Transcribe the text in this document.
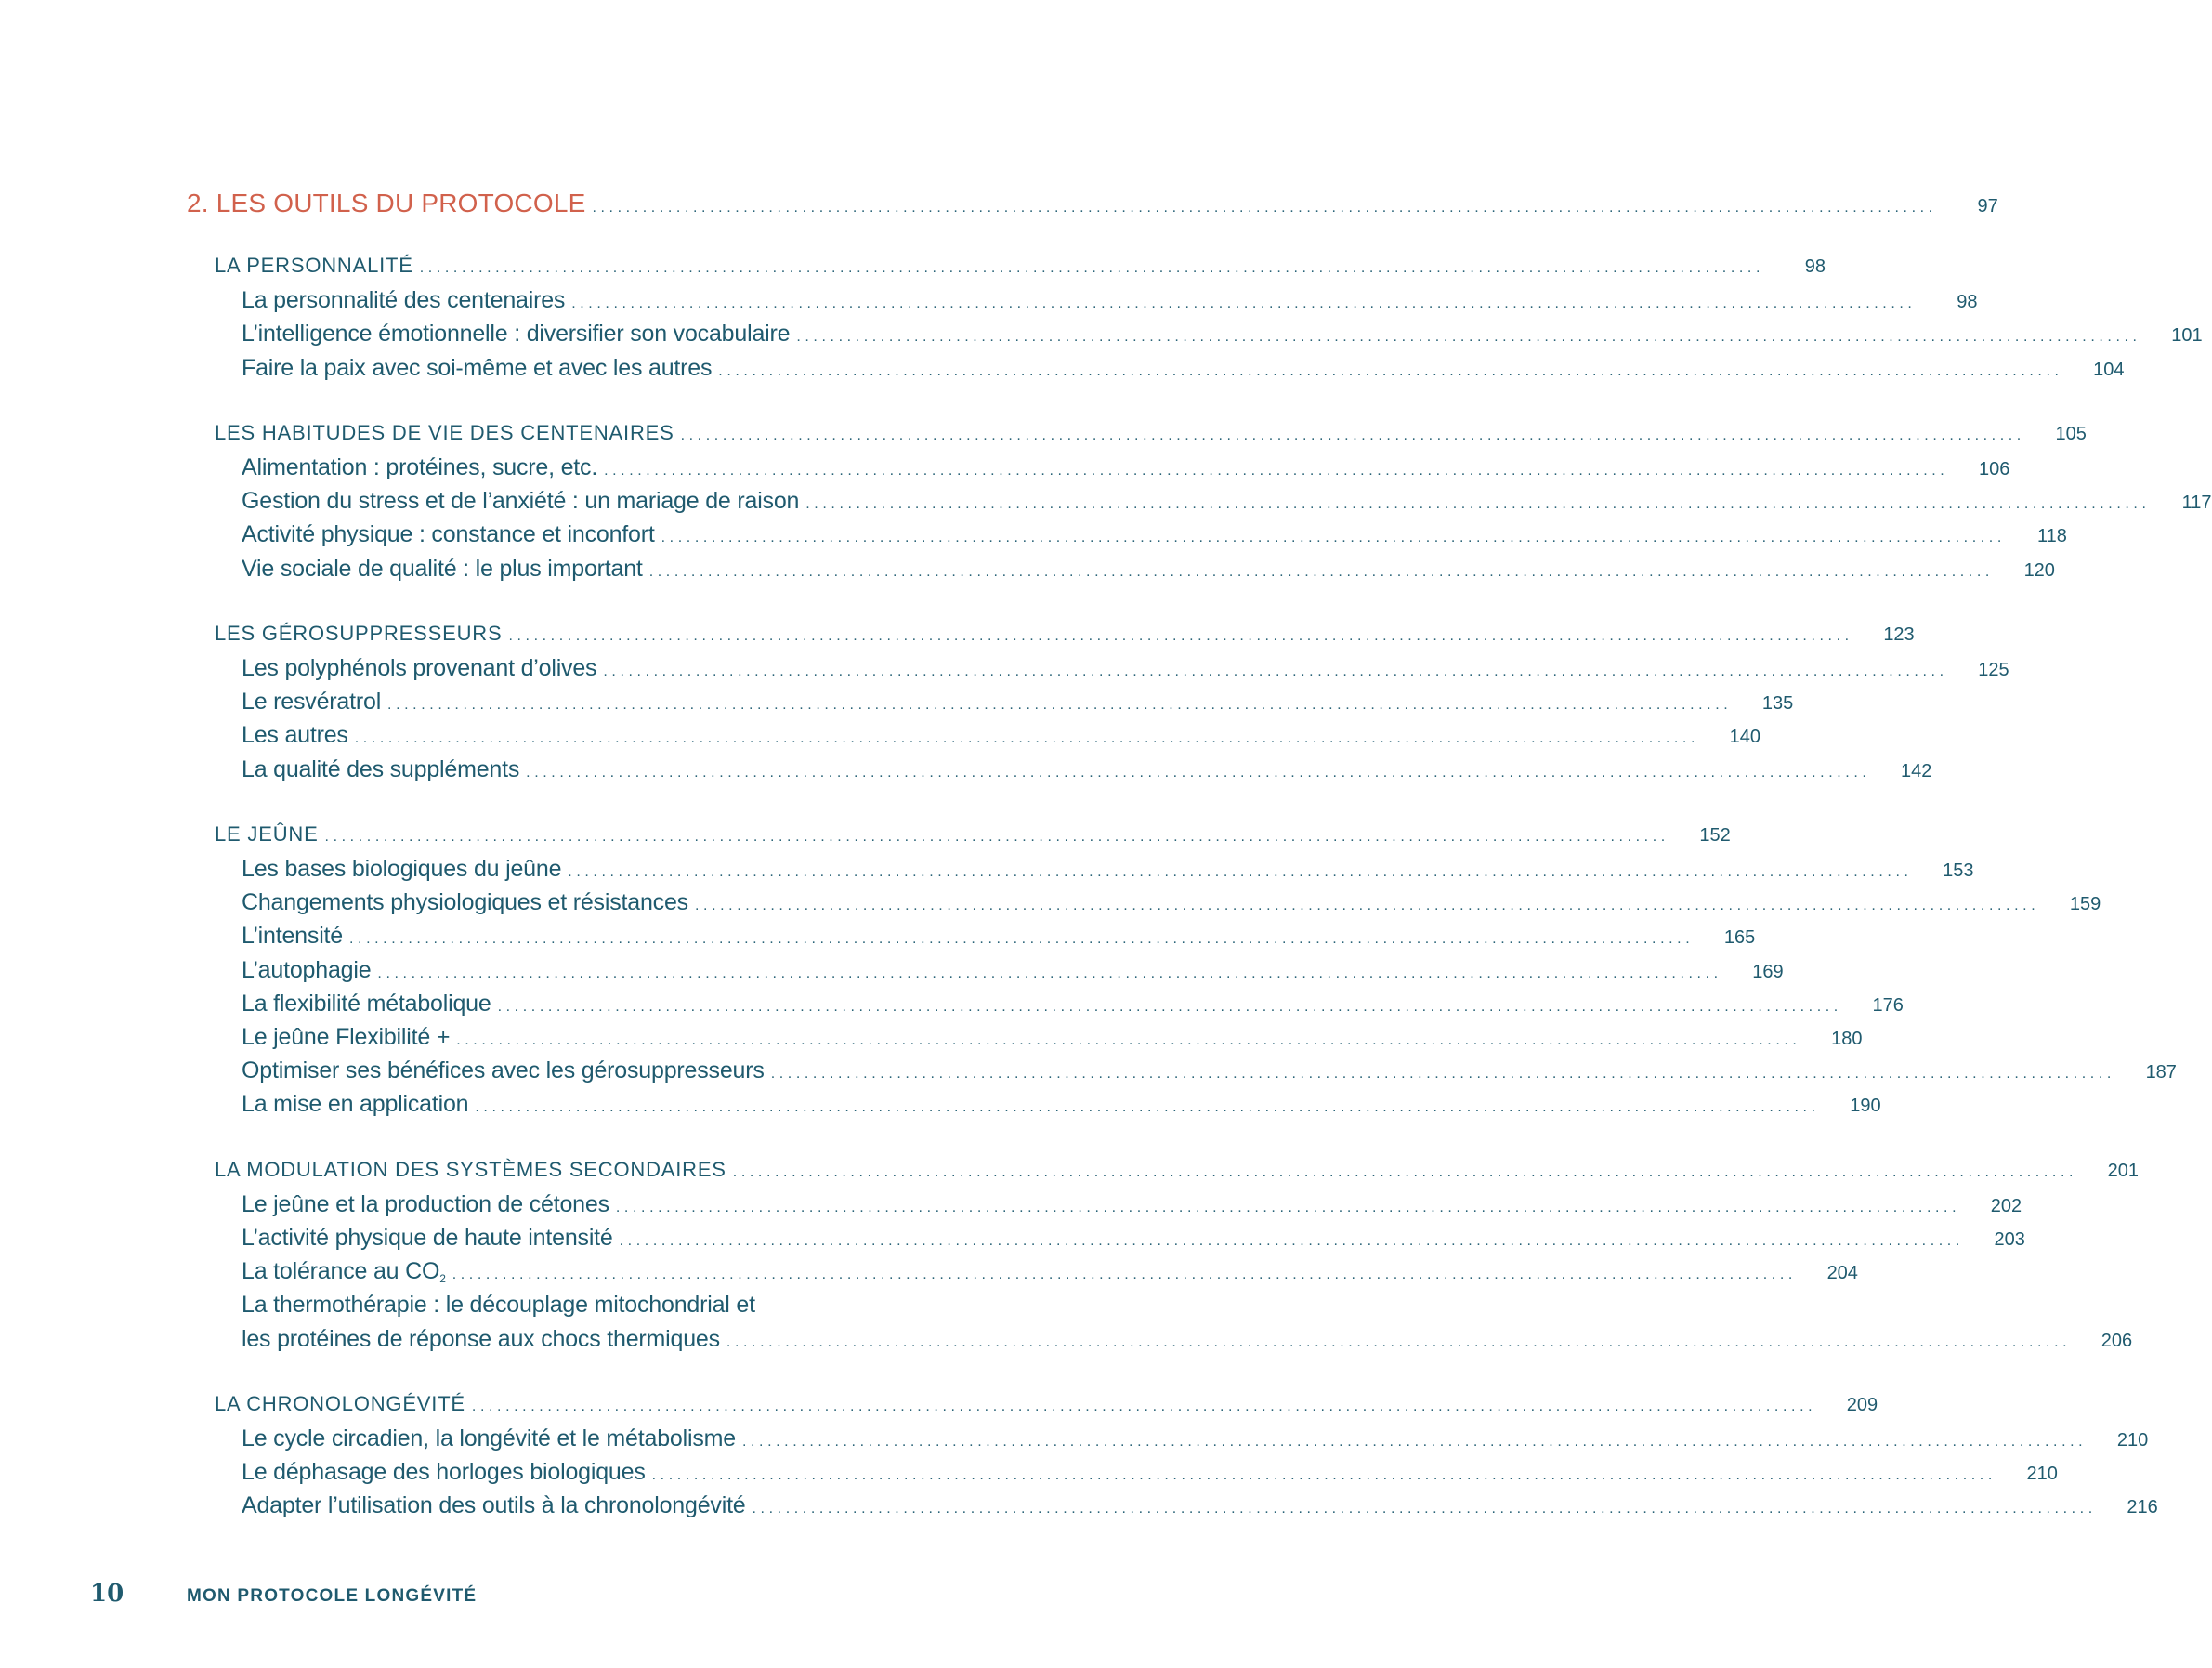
2. LES OUTILS DU PROTOCOLE ................................................................................................................................................................	97
LA PERSONNALITÉ ................................................................................................................................................................	98
La personnalité des centenaires ................................................................................................................................................................	98
L’intelligence émotionnelle : diversifier son vocabulaire ................................................................................................................................................................	101
Faire la paix avec soi-même et avec les autres ................................................................................................................................................................	104
LES HABITUDES DE VIE DES CENTENAIRES ................................................................................................................................................................	105
Alimentation : protéines, sucre, etc. ................................................................................................................................................................	106
Gestion du stress et de l’anxiété : un mariage de raison ................................................................................................................................................................	117
Activité physique : constance et inconfort ................................................................................................................................................................	118
Vie sociale de qualité : le plus important ................................................................................................................................................................	120
LES GÉROSUPPRESSEURS ................................................................................................................................................................	123
Les polyphénols provenant d’olives ................................................................................................................................................................	125
Le resvératrol ................................................................................................................................................................	135
Les autres ................................................................................................................................................................	140
La qualité des suppléments ................................................................................................................................................................	142
LE JEÛNE ................................................................................................................................................................	152
Les bases biologiques du jeûne ................................................................................................................................................................	153
Changements physiologiques et résistances ................................................................................................................................................................	159
L’intensité ................................................................................................................................................................	165
L’autophagie ................................................................................................................................................................	169
La flexibilité métabolique ................................................................................................................................................................	176
Le jeûne Flexibilité + ................................................................................................................................................................	180
Optimiser ses bénéfices avec les gérosuppresseurs ................................................................................................................................................................	187
La mise en application ................................................................................................................................................................	190
LA MODULATION DES SYSTÈMES SECONDAIRES ................................................................................................................................................................	201
Le jeûne et la production de cétones ................................................................................................................................................................	202
L’activité physique de haute intensité ................................................................................................................................................................	203
La tolérance au $CO_2$ ................................................................................................................................................................	204
La thermothérapie : le découplage mitochondrial et
les protéines de réponse aux chocs thermiques ................................................................................................................................................................	206
LA CHRONOLONGÉVITÉ ................................................................................................................................................................	209
Le cycle circadien, la longévité et le métabolisme ................................................................................................................................................................	210
Le déphasage des horloges biologiques ................................................................................................................................................................	210
Adapter l’utilisation des outils à la chronolongévité ................................................................................................................................................................	216
10	MON PROTOCOLE LONGÉVITÉ
